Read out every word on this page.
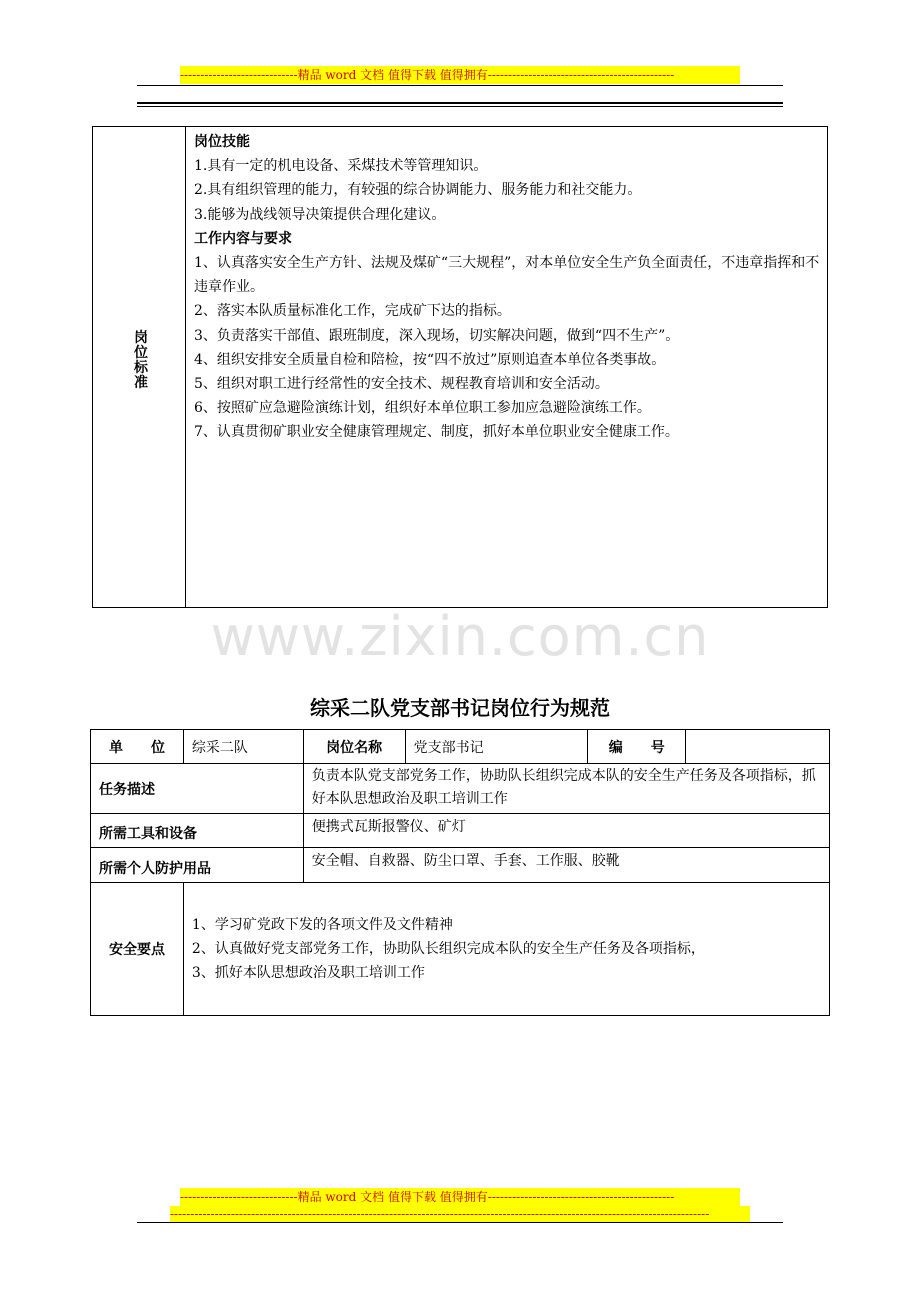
-----------------------------精品 word 文档 值得下载 值得拥有----------------------------------------------
岗位标准

岗位技能

1.具有一定的机电设备、采煤技术等管理知识。

2.具有组织管理的能力，有较强的综合协调能力、服务能力和社交能力。

3.能够为战线领导决策提供合理化建议。

工作内容与要求

1、认真落实安全生产方针、法规及煤矿“三大规程”，对本单位安全生产负全面责任，不违章指挥和不违章作业。

2、落实本队质量标准化工作，完成矿下达的指标。

3、负责落实干部值、跟班制度，深入现场，切实解决问题，做到“四不生产”。

4、组织安排安全质量自检和陪检，按“四不放过”原则追查本单位各类事故。

5、组织对职工进行经常性的安全技术、规程教育培训和安全活动。

6、按照矿应急避险演练计划，组织好本单位职工参加应急避险演练工作。

7、认真贯彻矿职业安全健康管理规定、制度，抓好本单位职业安全健康工作。

www.zixin.com.cn
综采二队党支部书记岗位行为规范
单　　位	综采二队	岗位名称	党支部书记	编　　号	
任务描述		负责本队党支部党务工作，协助队长组织完成本队的安全生产任务及各项指标，抓好本队思想政治及职工培训工作			
所需工具和设备		便携式瓦斯报警仪、矿灯			
所需个人防护用品		安全帽、自救器、防尘口罩、手套、工作服、胶靴			
安全要点	1、学习矿党政下发的各项文件及文件精神
2、认真做好党支部党务工作，协助队长组织完成本队的安全生产任务及各项指标，
3、抓好本队思想政治及职工培训工作				
-----------------------------精品 word 文档 值得下载 值得拥有----------------------------------------------
-------------------------------------------------------------------------------------------------------------------------------------
